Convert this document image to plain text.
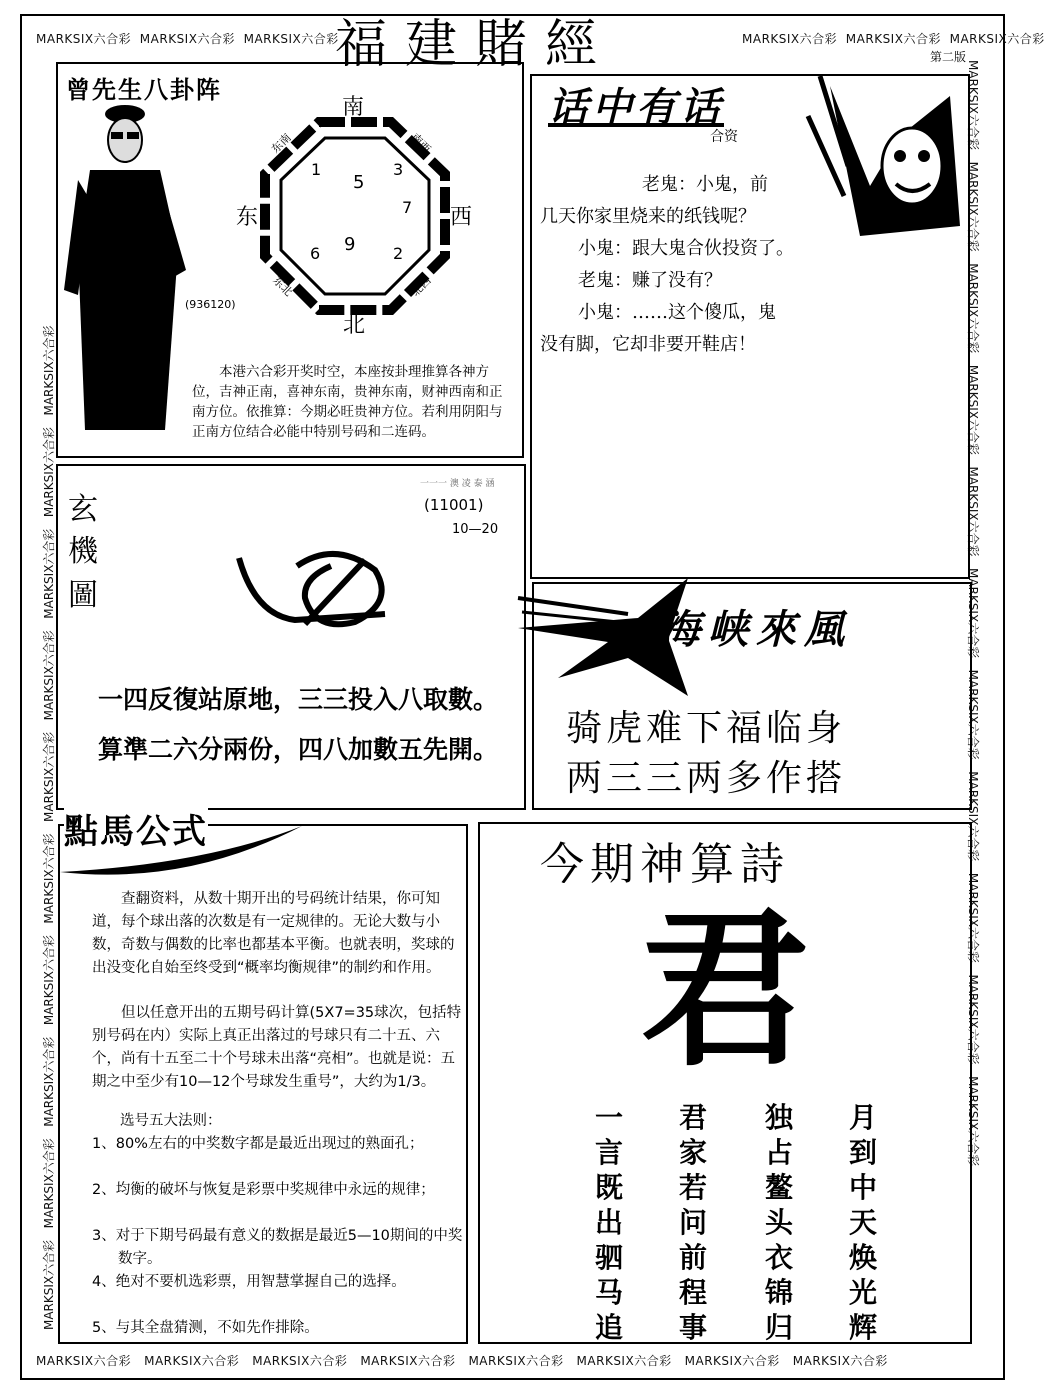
MARKSIX六合彩 MARKSIX六合彩 MARKSIX六合彩	MARKSIX六合彩 MARKSIX六合彩 MARKSIX六合彩
第二版
福建賭經
MARKSIX六合彩 MARKSIX六合彩 MARKSIX六合彩 MARKSIX六合彩 MARKSIX六合彩 MARKSIX六合彩 MARKSIX六合彩 MARKSIX六合彩
MARKSIX六合彩   MARKSIX六合彩   MARKSIX六合彩   MARKSIX六合彩   MARKSIX六合彩   MARKSIX六合彩   MARKSIX六合彩   MARKSIX六合彩   MARKSIX六合彩   MARKSIX六合彩
MARKSIX六合彩   MARKSIX六合彩   MARKSIX六合彩   MARKSIX六合彩   MARKSIX六合彩   MARKSIX六合彩   MARKSIX六合彩   MARKSIX六合彩   MARKSIX六合彩   MARKSIX六合彩   MARKSIX六合彩
曾先生八卦阵
(936120)
南
北
东	西
东南	南西
东北	北西
1
5
3
7
6 9 2

本港六合彩开奖时空，本座按卦理推算各神方位，吉神正南，喜神东南，贵神东南，财神西南和正南方位。依推算：今期必旺贵神方位。若利用阴阳与正南方位结合必能中特别号码和二连码。

话中有话
合资
老鬼：小鬼，前
几天你家里烧来的纸钱呢？
小鬼：跟大鬼合伙投资了。
老鬼：赚了没有？
小鬼：……这个傻瓜，鬼
没有脚，它却非要开鞋店！
玄
機
圖
一一一 澳 凌 泰 涵
(11001)
10—20
一四反復站原地，三三投入八取數。
算準二六分兩份，四八加數五先開。
海峡來風
骑虎难下福临身
两三三两多作搭
點馬公式

查翻资料，从数十期开出的号码统计结果，你可知道，每个球出落的次数是有一定规律的。无论大数与小数，奇数与偶数的比率也都基本平衡。也就表明，奖球的出没变化自始至终受到“概率均衡规律”的制约和作用。

但以任意开出的五期号码计算(5X7=35球次，包括特别号码在内）实际上真正出落过的号球只有二十五、六个，尚有十五至二十个号球未出落“亮相”。也就是说：五期之中至少有10—12个号球发生重号”，大约为1/3。

选号五大法则：

1、80%左右的中奖数字都是最近出现过的熟面孔；

2、均衡的破坏与恢复是彩票中奖规律中永远的规律；

3、对于下期号码最有意义的数据是最近5—10期间的中奖数字。

4、绝对不要机选彩票，用智慧掌握自己的选择。

5、与其全盘猜测，不如先作排除。

今期神算詩
君
一
言
既
出
驷
马
追
君
家
若
问
前
程
事
独
占
鳌
头
衣
锦
归
月
到
中
天
焕
光
辉
